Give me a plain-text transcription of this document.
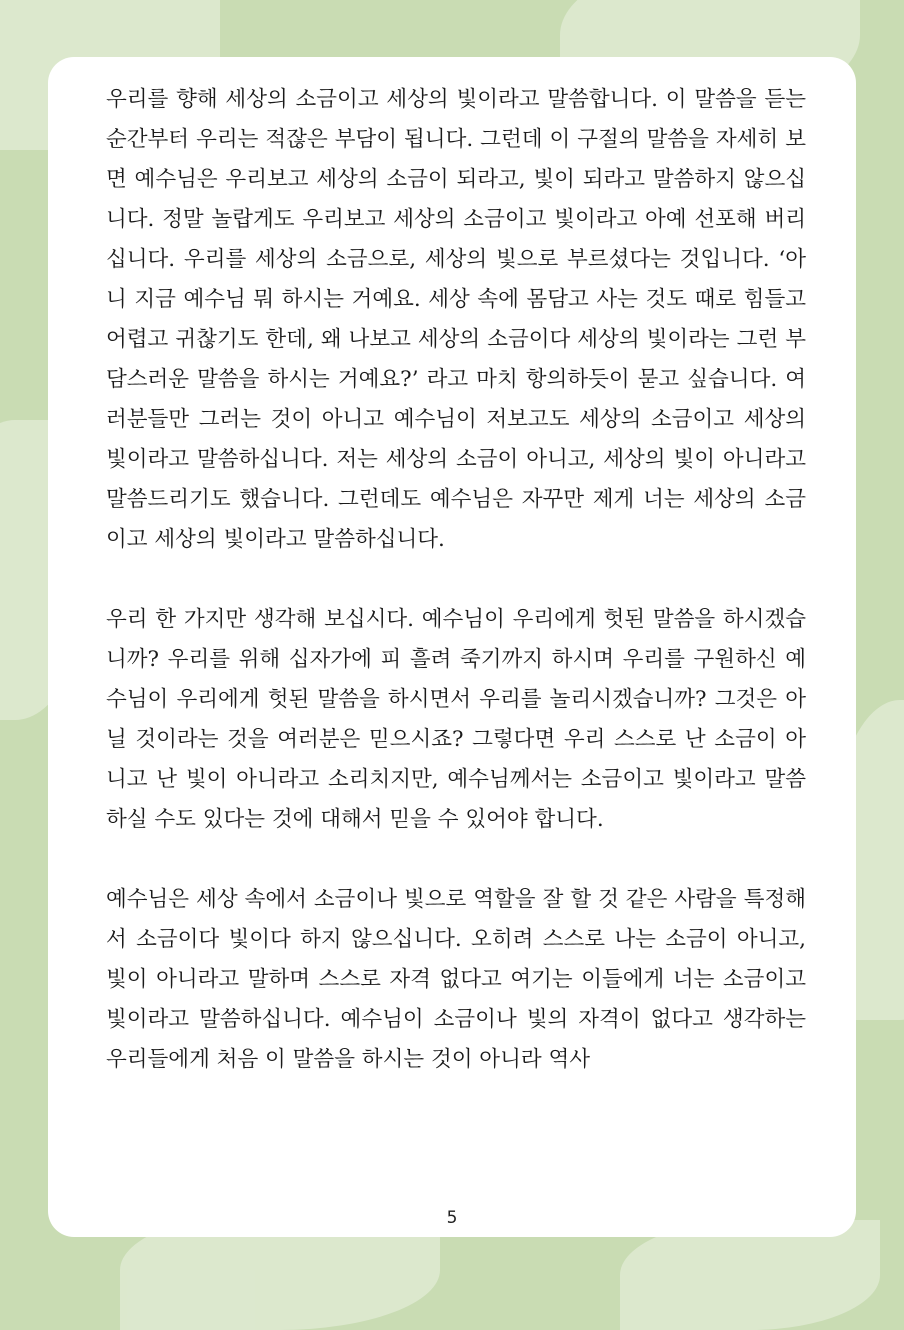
우리를 향해 세상의 소금이고 세상의 빛이라고 말씀합니다. 이 말씀을 듣는 순간부터 우리는 적잖은 부담이 됩니다. 그런데 이 구절의 말씀을 자세히 보면 예수님은 우리보고 세상의 소금이 되라고, 빛이 되라고 말씀하지 않으십니다. 정말 놀랍게도 우리보고 세상의 소금이고 빛이라고 아예 선포해 버리십니다. 우리를 세상의 소금으로, 세상의 빛으로 부르셨다는 것입니다. ‘아니 지금 예수님 뭐 하시는 거예요. 세상 속에 몸담고 사는 것도 때로 힘들고 어렵고 귀찮기도 한데, 왜 나보고 세상의 소금이다 세상의 빛이라는 그런 부담스러운 말씀을 하시는 거예요?’ 라고 마치 항의하듯이 묻고 싶습니다. 여러분들만 그러는 것이 아니고 예수님이 저보고도 세상의 소금이고 세상의 빛이라고 말씀하십니다. 저는 세상의 소금이 아니고, 세상의 빛이 아니라고 말씀드리기도 했습니다. 그런데도 예수님은 자꾸만 제게 너는 세상의 소금이고 세상의 빛이라고 말씀하십니다.

우리 한 가지만 생각해 보십시다. 예수님이 우리에게 헛된 말씀을 하시겠습니까? 우리를 위해 십자가에 피 흘려 죽기까지 하시며 우리를 구원하신 예수님이 우리에게 헛된 말씀을 하시면서 우리를 놀리시겠습니까? 그것은 아닐 것이라는 것을 여러분은 믿으시죠? 그렇다면 우리 스스로 난 소금이 아니고 난 빛이 아니라고 소리치지만, 예수님께서는 소금이고 빛이라고 말씀하실 수도 있다는 것에 대해서 믿을 수 있어야 합니다.

예수님은 세상 속에서 소금이나 빛으로 역할을 잘 할 것 같은 사람을 특정해서 소금이다 빛이다 하지 않으십니다. 오히려 스스로 나는 소금이 아니고, 빛이 아니라고 말하며 스스로 자격 없다고 여기는 이들에게 너는 소금이고 빛이라고 말씀하십니다. 예수님이 소금이나 빛의 자격이 없다고 생각하는 우리들에게 처음 이 말씀을 하시는 것이 아니라 역사

5
